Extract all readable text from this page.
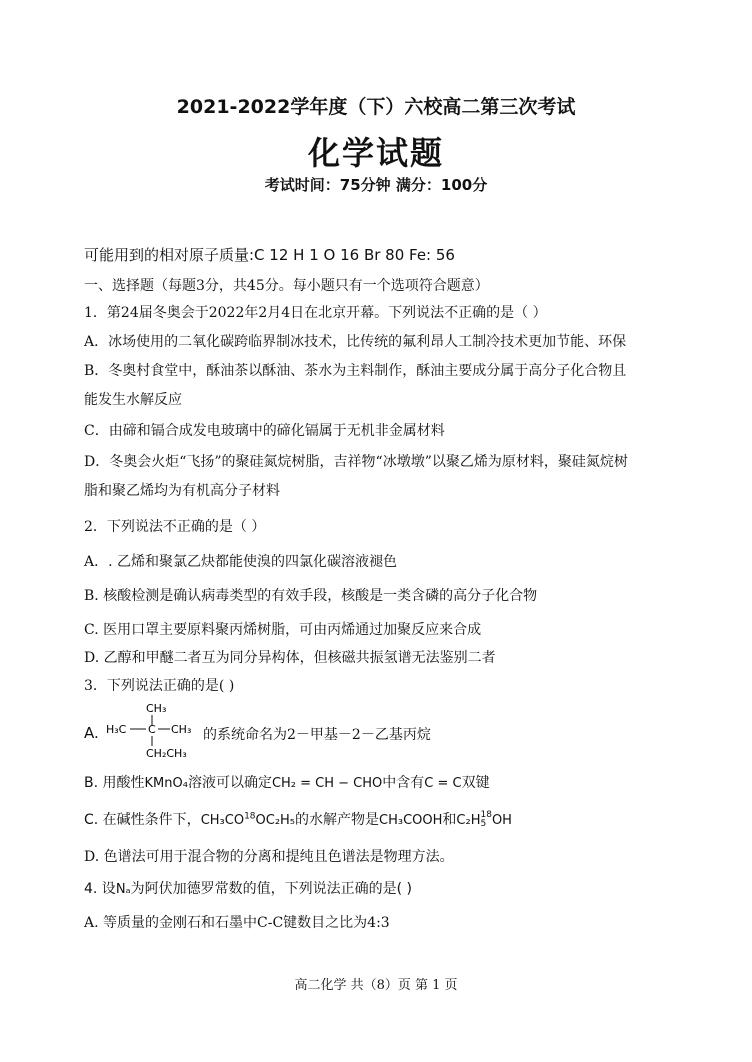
2021-2022学年度（下）六校高二第三次考试
化学试题
考试时间：75分钟 满分：100分
可能用到的相对原子质量:C 12 H 1 O 16 Br 80 Fe: 56
一、选择题（每题3分，共45分。每小题只有一个选项符合题意）
1．第24届冬奥会于2022年2月4日在北京开幕。下列说法不正确的是（ ）
A．冰场使用的二氧化碳跨临界制冰技术，比传统的氟利昂人工制冷技术更加节能、环保
B．冬奥村食堂中，酥油茶以酥油、茶水为主料制作，酥油主要成分属于高分子化合物且
能发生水解反应
C．由碲和镉合成发电玻璃中的碲化镉属于无机非金属材料
D．冬奥会火炬“飞扬”的聚硅氮烷树脂，吉祥物“冰墩墩”以聚乙烯为原材料，聚硅氮烷树
脂和聚乙烯均为有机高分子材料
2．下列说法不正确的是（ ）
A．. 乙烯和聚氯乙炔都能使溴的四氯化碳溶液褪色
B. 核酸检测是确认病毒类型的有效手段，核酸是一类含磷的高分子化合物
C. 医用口罩主要原料聚丙烯树脂，可由丙烯通过加聚反应来合成
D. 乙醇和甲醚二者互为同分异构体，但核磁共振氢谱无法鉴别二者
3．下列说法正确的是( )
A.
CH₃
H₃C C CH₃
CH₂CH₃
的系统命名为2－甲基－2－乙基丙烷
B. 用酸性KMnO₄溶液可以确定CH₂ = CH − CHO中含有C = C双键
C. 在碱性条件下，CH₃CO$^{18}$OC₂H₅的水解产物是CH₃COOH和C₂H 18
5 OH
D. 色谱法可用于混合物的分离和提纯且色谱法是物理方法。
4. 设Nₐ为阿伏加德罗常数的值，下列说法正确的是( )
A. 等质量的金刚石和石墨中C-C键数目之比为4:3
高二化学 共（8）页 第 1 页
